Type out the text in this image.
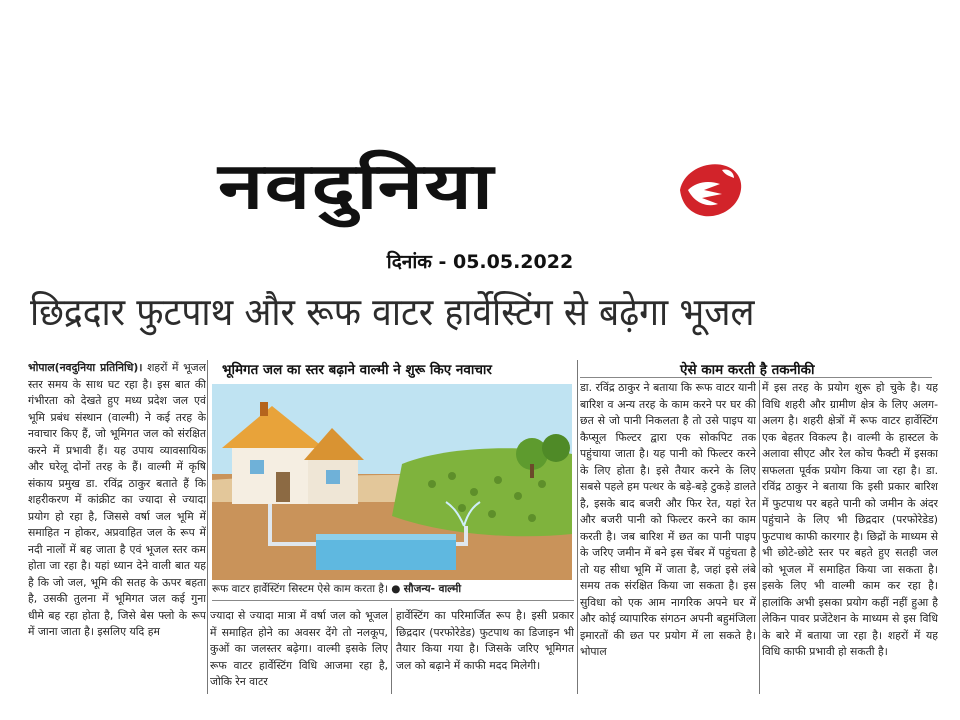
नवदुनिया
दिनांक - 05.05.2022
छिद्रदार फुटपाथ और रूफ वाटर हार्वेस्टिंग से बढ़ेगा भूजल

भोपाल(नवदुनिया प्रतिनिधि)। शहरों में भूजल स्तर समय के साथ घट रहा है। इस बात की गंभीरता को देखते हुए मध्य प्रदेश जल एवं भूमि प्रबंध संस्थान (वाल्मी) ने कई तरह के नवाचार किए हैं, जो भूमिगत जल को संरक्षित करने में प्रभावी हैं। यह उपाय व्यावसायिक और घरेलू दोनों तरह के हैं। वाल्मी में कृषि संकाय प्रमुख डा. रविंद्र ठाकुर बताते हैं कि शहरीकरण में कांक्रीट का ज्यादा से ज्यादा प्रयोग हो रहा है, जिससे वर्षा जल भूमि में समाहित न होकर, अप्रवाहित जल के रूप में नदी नालों में बह जाता है एवं भूजल स्तर कम होता जा रहा है। यहां ध्यान देने वाली बात यह है कि जो जल, भूमि की सतह के ऊपर बहता है, उसकी तुलना में भूमिगत जल कई गुना धीमे बह रहा होता है, जिसे बेस फ्लो के रूप में जाना जाता है। इसलिए यदि हम

भूमिगत जल का स्तर बढ़ाने वाल्मी ने शुरू किए नवाचार
रूफ वाटर हार्वेस्टिंग सिस्टम ऐसे काम करता है। ● सौजन्य- वाल्मी

ज्यादा से ज्यादा मात्रा में वर्षा जल को भूजल में समाहित होने का अवसर देंगे तो नलकूप, कुओं का जलस्तर बढ़ेगा। वाल्मी इसके लिए रूफ वाटर हार्वेस्टिंग विधि आजमा रहा है, जोकि रेन वाटर

हार्वेस्टिंग का परिमार्जित रूप है। इसी प्रकार छिद्रदार (परफोरेडेड) फुटपाथ का डिजाइन भी तैयार किया गया है। जिसके जरिए भूमिगत जल को बढ़ाने में काफी मदद मिलेगी।

ऐसे काम करती है तकनीकी

डा. रविंद्र ठाकुर ने बताया कि रूफ वाटर यानी बारिश व अन्य तरह के काम करने पर घर की छत से जो पानी निकलता है तो उसे पाइप या कैप्सूल फिल्टर द्वारा एक सोकपिट तक पहुंचाया जाता है। यह पानी को फिल्टर करने के लिए होता है। इसे तैयार करने के लिए सबसे पहले हम पत्थर के बड़े-बड़े टुकड़े डालते है, इसके बाद बजरी और फिर रेत, यहां रेत और बजरी पानी को फिल्टर करने का काम करती है। जब बारिश में छत का पानी पाइप के जरिए जमीन में बने इस चेंबर में पहुंचता है तो यह सीधा भूमि में जाता है, जहां इसे लंबे समय तक संरक्षित किया जा सकता है। इस सुविधा को एक आम नागरिक अपने घर में और कोई व्यापारिक संगठन अपनी बहुमंजिला इमारतों की छत पर प्रयोग में ला सकते है। भोपाल

में इस तरह के प्रयोग शुरू हो चुके है। यह विधि शहरी और ग्रामीण क्षेत्र के लिए अलग-अलग है। शहरी क्षेत्रों में रूफ वाटर हार्वेस्टिंग एक बेहतर विकल्प है। वाल्मी के हास्टल के अलावा सीएट और रेल कोच फैक्टी में इसका सफलता पूर्वक प्रयोग किया जा रहा है। डा. रविंद्र ठाकुर ने बताया कि इसी प्रकार बारिश में फुटपाथ पर बहते पानी को जमीन के अंदर पहुंचाने के लिए भी छिद्रदार (परफोरेडेड) फुटपाथ काफी कारगार है। छिद्रों के माध्यम से भी छोटे-छोटे स्तर पर बहते हुए सतही जल को भूजल में समाहित किया जा सकता है। इसके लिए भी वाल्मी काम कर रहा है। हालांकि अभी इसका प्रयोग कहीं नहीं हुआ है लेकिन पावर प्रजेंटेशन के माध्यम से इस विधि के बारे में बताया जा रहा है। शहरों में यह विधि काफी प्रभावी हो सकती है।
